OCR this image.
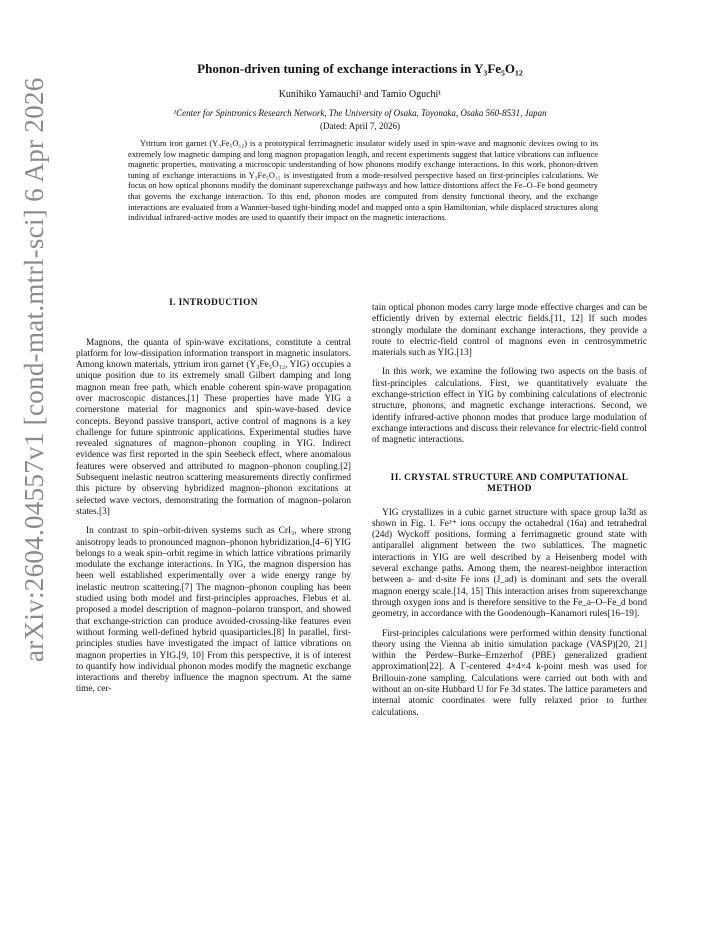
arXiv:2604.04557v1 [cond-mat.mtrl-sci] 6 Apr 2026
Phonon-driven tuning of exchange interactions in Y₃Fe₅O₁₂
Kunihiko Yamauchi¹ and Tamio Oguchi¹
¹Center for Spintronics Research Network, The University of Osaka, Toyonaka, Osaka 560-8531, Japan
(Dated: April 7, 2026)
Yttrium iron garnet (Y₃Fe₅O₁₂) is a prototypical ferrimagnetic insulator widely used in spin-wave and magnonic devices owing to its extremely low magnetic damping and long magnon propagation length, and recent experiments suggest that lattice vibrations can influence magnetic properties, motivating a microscopic understanding of how phonons modify exchange interactions. In this work, phonon-driven tuning of exchange interactions in Y₃Fe₅O₁₂ is investigated from a mode-resolved perspective based on first-principles calculations. We focus on how optical phonons modify the dominant superexchange pathways and how lattice distortions affect the Fe–O–Fe bond geometry that governs the exchange interaction. To this end, phonon modes are computed from density functional theory, and the exchange interactions are evaluated from a Wannier-based tight-binding model and mapped onto a spin Hamiltonian, while displaced structures along individual infrared-active modes are used to quantify their impact on the magnetic interactions.
I. INTRODUCTION

Magnons, the quanta of spin-wave excitations, constitute a central platform for low-dissipation information transport in magnetic insulators. Among known materials, yttrium iron garnet (Y₃Fe₅O₁₂, YIG) occupies a unique position due to its extremely small Gilbert damping and long magnon mean free path, which enable coherent spin-wave propagation over macroscopic distances.[1] These properties have made YIG a cornerstone material for magnonics and spin-wave-based device concepts. Beyond passive transport, active control of magnons is a key challenge for future spintronic applications. Experimental studies have revealed signatures of magnon–phonon coupling in YIG. Indirect evidence was first reported in the spin Seebeck effect, where anomalous features were observed and attributed to magnon–phonon coupling.[2] Subsequent inelastic neutron scattering measurements directly confirmed this picture by observing hybridized magnon–phonon excitations at selected wave vectors, demonstrating the formation of magnon–polaron states.[3]

In contrast to spin–orbit-driven systems such as CrI₃, where strong anisotropy leads to pronounced magnon–phonon hybridization,[4–6] YIG belongs to a weak spin–orbit regime in which lattice vibrations primarily modulate the exchange interactions. In YIG, the magnon dispersion has been well established experimentally over a wide energy range by inelastic neutron scattering.[7] The magnon–phonon coupling has been studied using both model and first-principles approaches. Flebus et al. proposed a model description of magnon–polaron transport, and showed that exchange-striction can produce avoided-crossing-like features even without forming well-defined hybrid quasiparticles.[8] In parallel, first-principles studies have investigated the impact of lattice vibrations on magnon properties in YIG.[9, 10] From this perspective, it is of interest to quantify how individual phonon modes modify the magnetic exchange interactions and thereby influence the magnon spectrum. At the same time, cer-

tain optical phonon modes carry large mode effective charges and can be efficiently driven by external electric fields.[11, 12] If such modes strongly modulate the dominant exchange interactions, they provide a route to electric-field control of magnons even in centrosymmetric materials such as YIG.[13]

In this work, we examine the following two aspects on the basis of first-principles calculations. First, we quantitatively evaluate the exchange-striction effect in YIG by combining calculations of electronic structure, phonons, and magnetic exchange interactions. Second, we identify infrared-active phonon modes that produce large modulation of exchange interactions and discuss their relevance for electric-field control of magnetic interactions.

II. CRYSTAL STRUCTURE AND COMPUTATIONAL METHOD

YIG crystallizes in a cubic garnet structure with space group Ia3̄d as shown in Fig. 1. Fe³⁺ ions occupy the octahedral (16a) and tetrahedral (24d) Wyckoff positions, forming a ferrimagnetic ground state with antiparallel alignment between the two sublattices. The magnetic interactions in YIG are well described by a Heisenberg model with several exchange paths. Among them, the nearest-neighbor interaction between a- and d-site Fe ions (J_ad) is dominant and sets the overall magnon energy scale.[14, 15] This interaction arises from superexchange through oxygen ions and is therefore sensitive to the Fe_a–O–Fe_d bond geometry, in accordance with the Goodenough–Kanamori rules[16–19].

First-principles calculations were performed within density functional theory using the Vienna ab initio simulation package (VASP)[20, 21] within the Perdew–Burke–Ernzerhof (PBE) generalized gradient approximation[22]. A Γ-centered 4×4×4 k-point mesh was used for Brillouin-zone sampling. Calculations were carried out both with and without an on-site Hubbard U for Fe 3d states. The lattice parameters and internal atomic coordinates were fully relaxed prior to further calculations.
